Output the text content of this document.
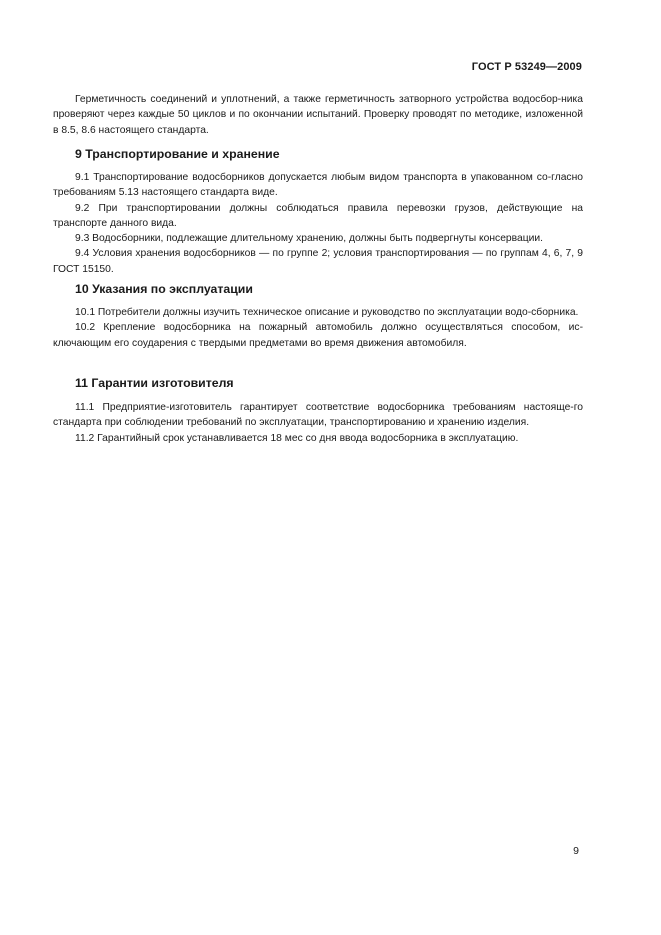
ГОСТ Р 53249—2009

Герметичность соединений и уплотнений, а также герметичность затворного устройства водосбор-ника проверяют через каждые 50 циклов и по окончании испытаний. Проверку проводят по методике, изложенной в 8.5, 8.6 настоящего стандарта.

9 Транспортирование и хранение

9.1 Транспортирование водосборников допускается любым видом транспорта в упакованном со-гласно требованиям 5.13 настоящего стандарта виде.

9.2 При транспортировании должны соблюдаться правила перевозки грузов, действующие на транспорте данного вида.

9.3 Водосборники, подлежащие длительному хранению, должны быть подвергнуты консервации.

9.4 Условия хранения водосборников — по группе 2; условия транспортирования — по группам 4, 6, 7, 9 ГОСТ 15150.

10 Указания по эксплуатации

10.1 Потребители должны изучить техническое описание и руководство по эксплуатации водо-сборника.

10.2 Крепление водосборника на пожарный автомобиль должно осуществляться способом, ис-ключающим его соударения с твердыми предметами во время движения автомобиля.

11 Гарантии изготовителя

11.1 Предприятие-изготовитель гарантирует соответствие водосборника требованиям настояще-го стандарта при соблюдении требований по эксплуатации, транспортированию и хранению изделия.

11.2 Гарантийный срок устанавливается 18 мес со дня ввода водосборника в эксплуатацию.

9
